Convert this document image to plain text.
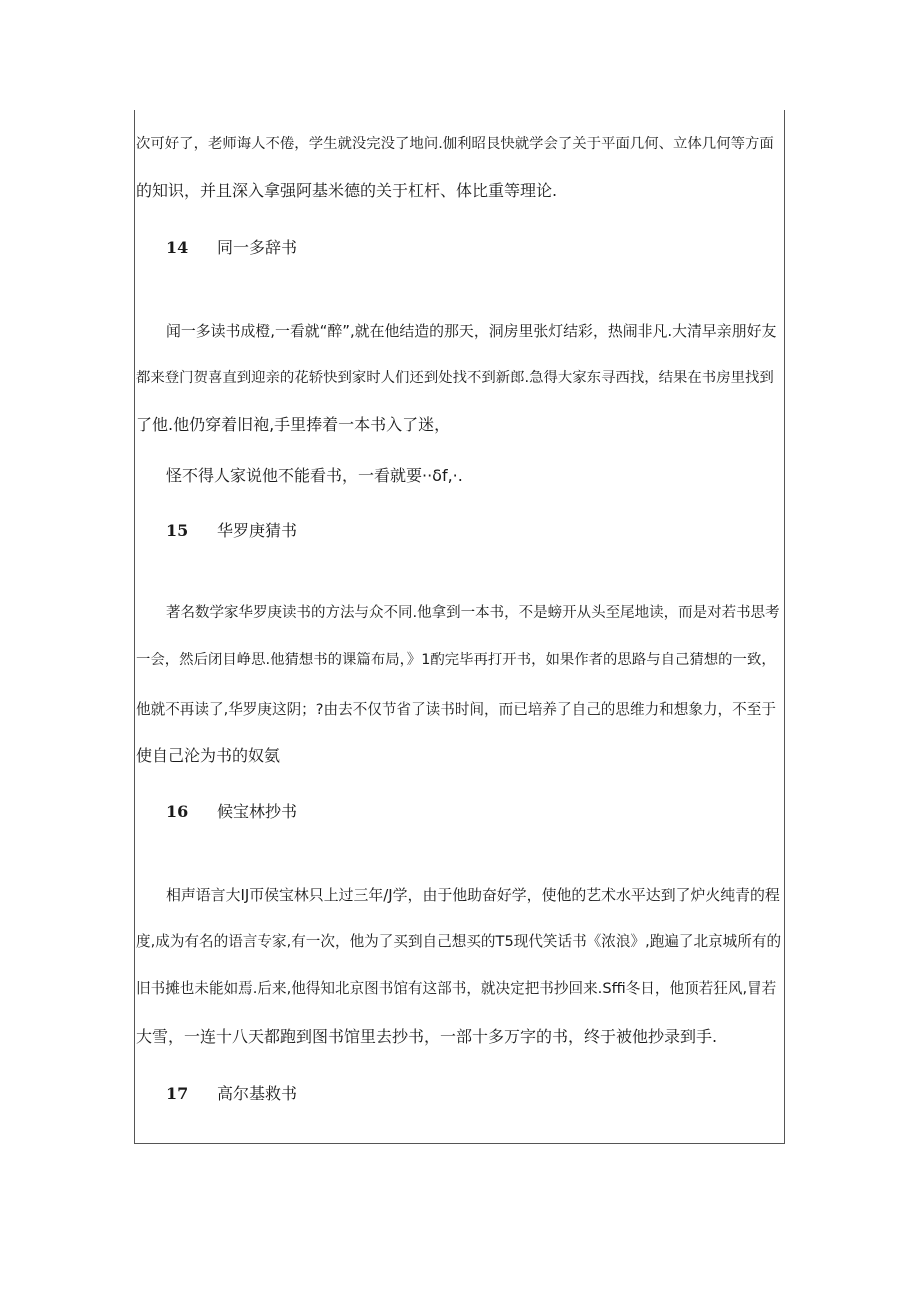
次可好了，老师诲人不倦，学生就没完没了地问.伽利昭艮快就学会了关于平面几何、立体几何等方面
的知识，并且深入拿强阿基米德的关于杠杆、体比重等理论.
14 同一多辞书
闻一多读书成橙,一看就“醉”,就在他结造的那天，洞房里张灯结彩，热闹非凡.大清早亲朋好友
都来登门贺喜直到迎亲的花轿快到家时人们还到处找不到新郎.急得大家东寻西找，结果在书房里找到
了他.他仍穿着旧袍,手里捧着一本书入了迷，
怪不得人家说他不能看书，一看就要··δf,·.
15 华罗庚猜书
著名数学家华罗庚读书的方法与众不同.他拿到一本书，不是螃开从头至尾地读，而是对若书思考
一会，然后闭目峥思.他猜想书的课篇布局，》1酌完毕再打开书，如果作者的思路与自己猜想的一致，
他就不再读了,华罗庚这阴；?由去不仅节省了读书时间，而已培养了自己的思维力和想象力，不至于
使自己沦为书的奴氨
16 候宝林抄书
相声语言大IJ帀侯宝林只上过三年/J学，由于他助奋好学，使他的艺术水平达到了炉火纯青的程
度,成为有名的语言专家,有一次，他为了买到自己想买的T5现代笑话书《浓浪》,跑遍了北京城所有的
旧书摊也未能如焉.后来,他得知北京图书馆有这部书，就决定把书抄回来.Sffi冬日，他顶若狂风,冒若
大雪，一连十八天都跑到图书馆里去抄书，一部十多万字的书，终于被他抄录到手.
17 高尔基救书
